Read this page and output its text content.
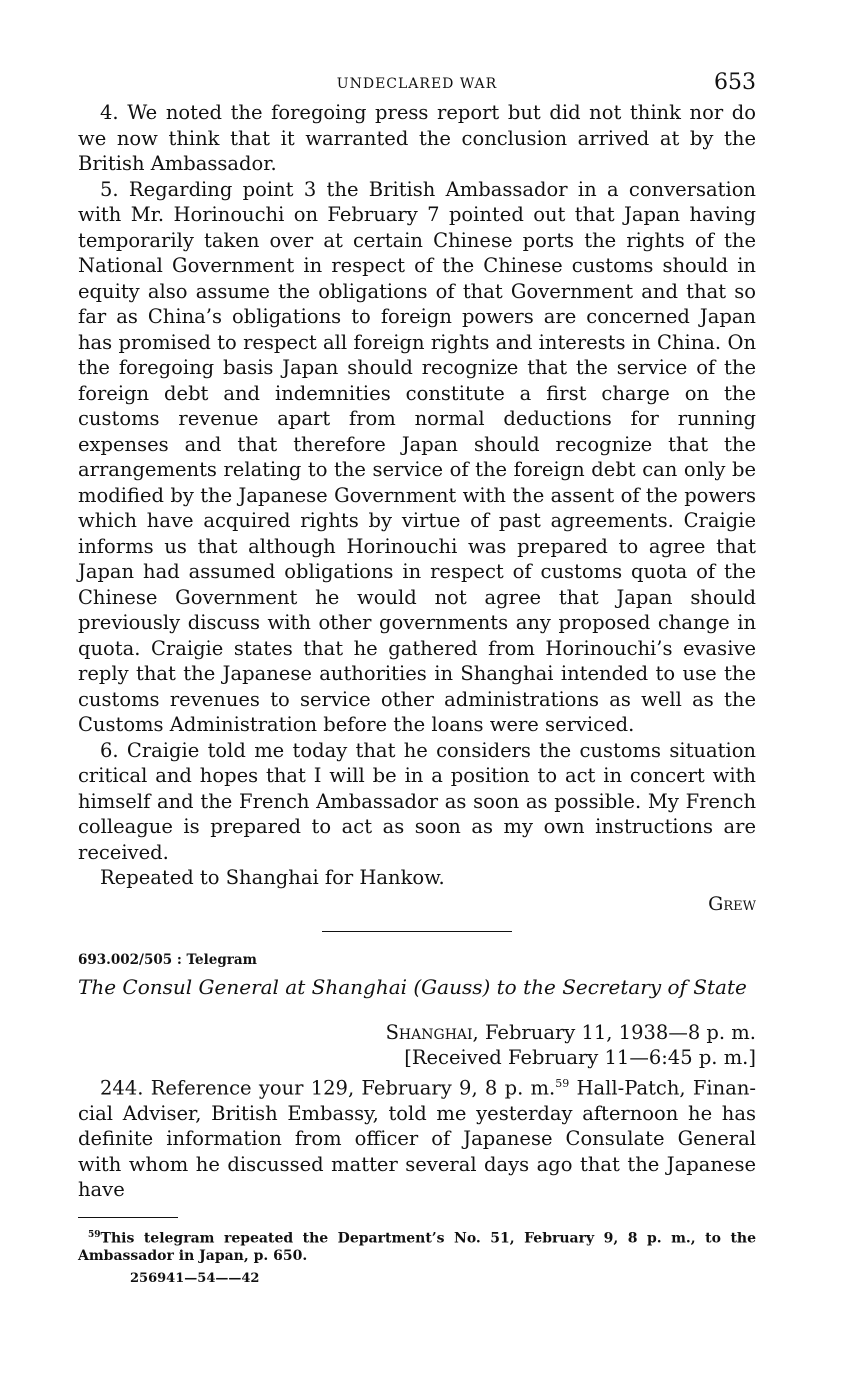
UNDECLARED WAR	653

4. We noted the foregoing press report but did not think nor do we now think that it warranted the conclusion arrived at by the British Ambassador.

5. Regarding point 3 the British Ambassador in a conversation with Mr. Horinouchi on February 7 pointed out that Japan having temporarily taken over at certain Chinese ports the rights of the National Government in respect of the Chinese customs should in equity also assume the obligations of that Government and that so far as China’s obligations to foreign powers are concerned Japan has promised to respect all foreign rights and interests in China. On the foregoing basis Japan should recognize that the service of the foreign debt and indemnities constitute a first charge on the customs revenue apart from normal deductions for running expenses and that therefore Japan should recognize that the arrangements relating to the service of the foreign debt can only be modified by the Japanese Government with the assent of the powers which have acquired rights by virtue of past agreements. Craigie informs us that although Horinouchi was prepared to agree that Japan had assumed obligations in respect of customs quota of the Chinese Government he would not agree that Japan should previously discuss with other governments any proposed change in quota. Craigie states that he gathered from Horinouchi’s evasive reply that the Japanese authorities in Shanghai intended to use the customs revenues to service other administrations as well as the Customs Administration before the loans were serviced.

6. Craigie told me today that he considers the customs situation critical and hopes that I will be in a position to act in concert with himself and the French Ambassador as soon as possible. My French colleague is prepared to act as soon as my own instructions are received.

Repeated to Shanghai for Hankow.

Grew
693.002/505 : Telegram
The Consul General at Shanghai (Gauss) to the Secretary of State
Shanghai, February 11, 1938—8 p. m.
[Received February 11—6:45 p. m.]

244. Reference your 129, February 9, 8 p. m.$^{59}$ Hall-Patch, Financial Adviser, British Embassy, told me yesterday afternoon he has definite information from officer of Japanese Consulate General with whom he discussed matter several days ago that the Japanese have

$^{59}$This telegram repeated the Department’s No. 51, February 9, 8 p. m., to the Ambassador in Japan, p. 650.
256941—54——42
